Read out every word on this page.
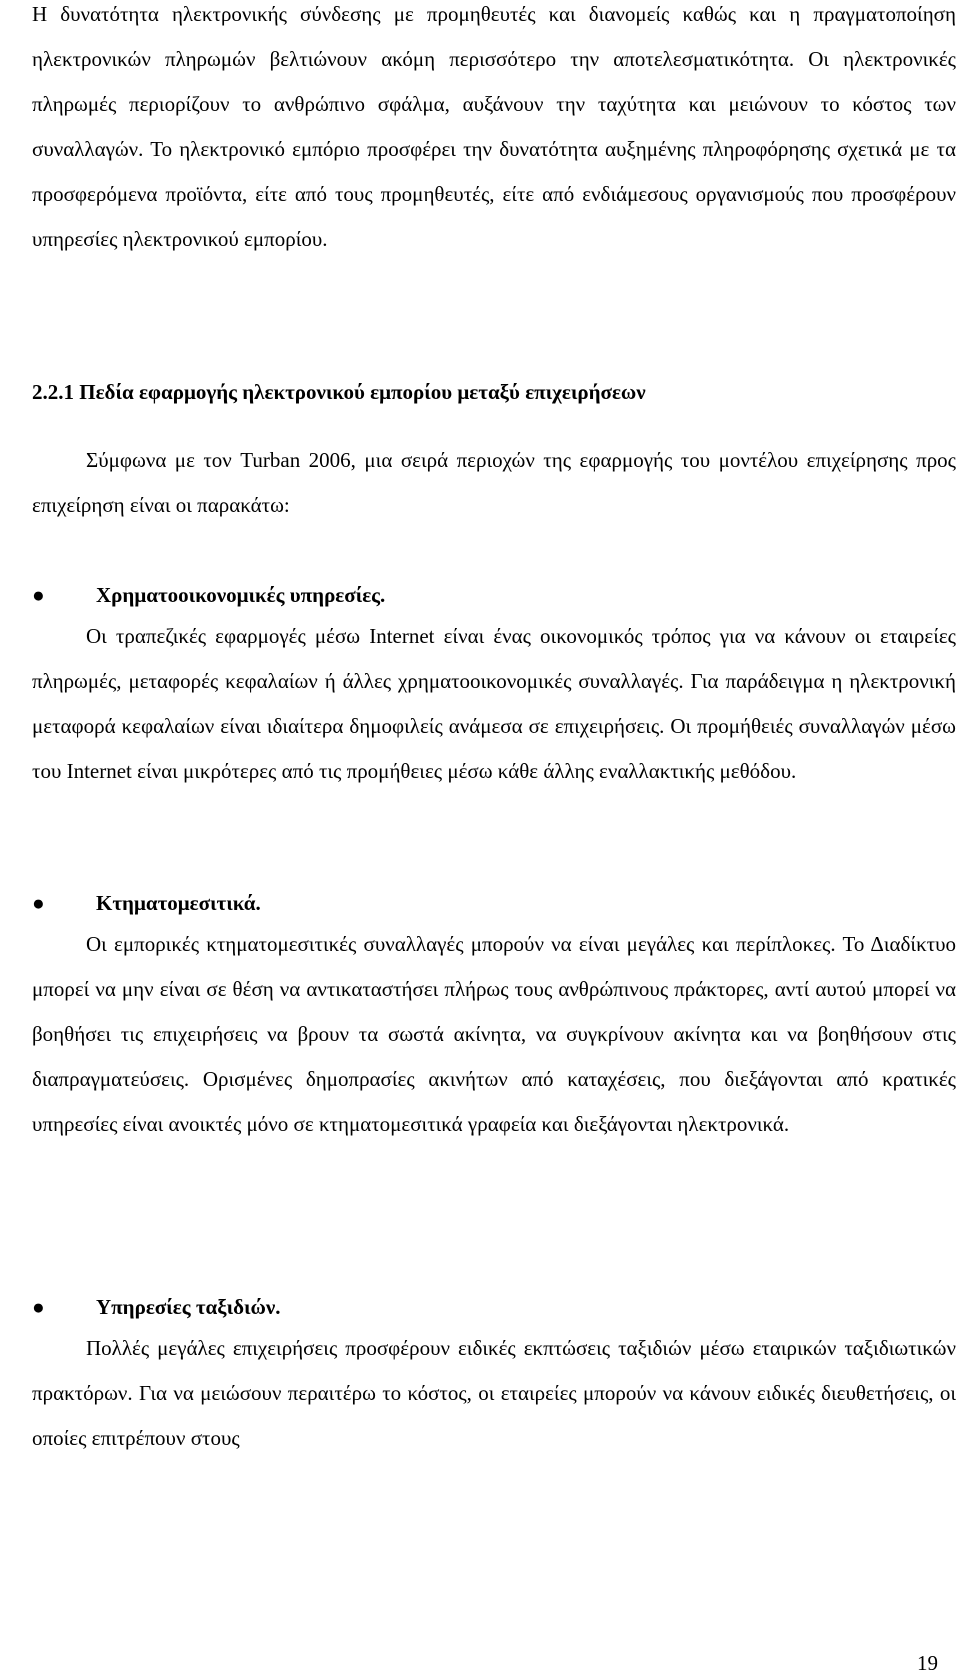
Η δυνατότητα ηλεκτρονικής σύνδεσης με προμηθευτές και διανομείς καθώς και η πραγματοποίηση ηλεκτρονικών πληρωμών βελτιώνουν ακόμη περισσότερο την αποτελεσματικότητα. Οι ηλεκτρονικές πληρωμές περιορίζουν το ανθρώπινο σφάλμα, αυξάνουν την ταχύτητα και μειώνουν το κόστος των συναλλαγών. Το ηλεκτρονικό εμπόριο προσφέρει την δυνατότητα αυξημένης πληροφόρησης σχετικά με τα προσφερόμενα προϊόντα, είτε από τους προμηθευτές, είτε από ενδιάμεσους οργανισμούς που προσφέρουν υπηρεσίες ηλεκτρονικού εμπορίου.

2.2.1 Πεδία εφαρμογής ηλεκτρονικού εμπορίου μεταξύ επιχειρήσεων

Σύμφωνα με τον Turban 2006, μια σειρά περιοχών της εφαρμογής του μοντέλου επιχείρησης προς επιχείρηση είναι οι παρακάτω:

●	Χρηματοοικονομικές υπηρεσίες.

Οι τραπεζικές εφαρμογές μέσω Internet είναι ένας οικονομικός τρόπος για να κάνουν οι εταιρείες πληρωμές, μεταφορές κεφαλαίων ή άλλες χρηματοοικονομικές συναλλαγές. Για παράδειγμα η ηλεκτρονική μεταφορά κεφαλαίων είναι ιδιαίτερα δημοφιλείς ανάμεσα σε επιχειρήσεις. Οι προμήθειές συναλλαγών μέσω του Internet είναι μικρότερες από τις προμήθειες μέσω κάθε άλλης εναλλακτικής μεθόδου.

●	Κτηματομεσιτικά.

Οι εμπορικές κτηματομεσιτικές συναλλαγές μπορούν να είναι μεγάλες και περίπλοκες. Το Διαδίκτυο μπορεί να μην είναι σε θέση να αντικαταστήσει πλήρως τους ανθρώπινους πράκτορες, αντί αυτού μπορεί να βοηθήσει τις επιχειρήσεις να βρουν τα σωστά ακίνητα, να συγκρίνουν ακίνητα και να βοηθήσουν στις διαπραγματεύσεις. Ορισμένες δημοπρασίες ακινήτων από καταχέσεις, που διεξάγονται από κρατικές υπηρεσίες είναι ανοικτές μόνο σε κτηματομεσιτικά γραφεία και διεξάγονται ηλεκτρονικά.

●	Υπηρεσίες ταξιδιών.

Πολλές μεγάλες επιχειρήσεις προσφέρουν ειδικές εκπτώσεις ταξιδιών μέσω εταιρικών ταξιδιωτικών πρακτόρων. Για να μειώσουν περαιτέρω το κόστος, οι εταιρείες μπορούν να κάνουν ειδικές διευθετήσεις, οι οποίες επιτρέπουν στους

19
